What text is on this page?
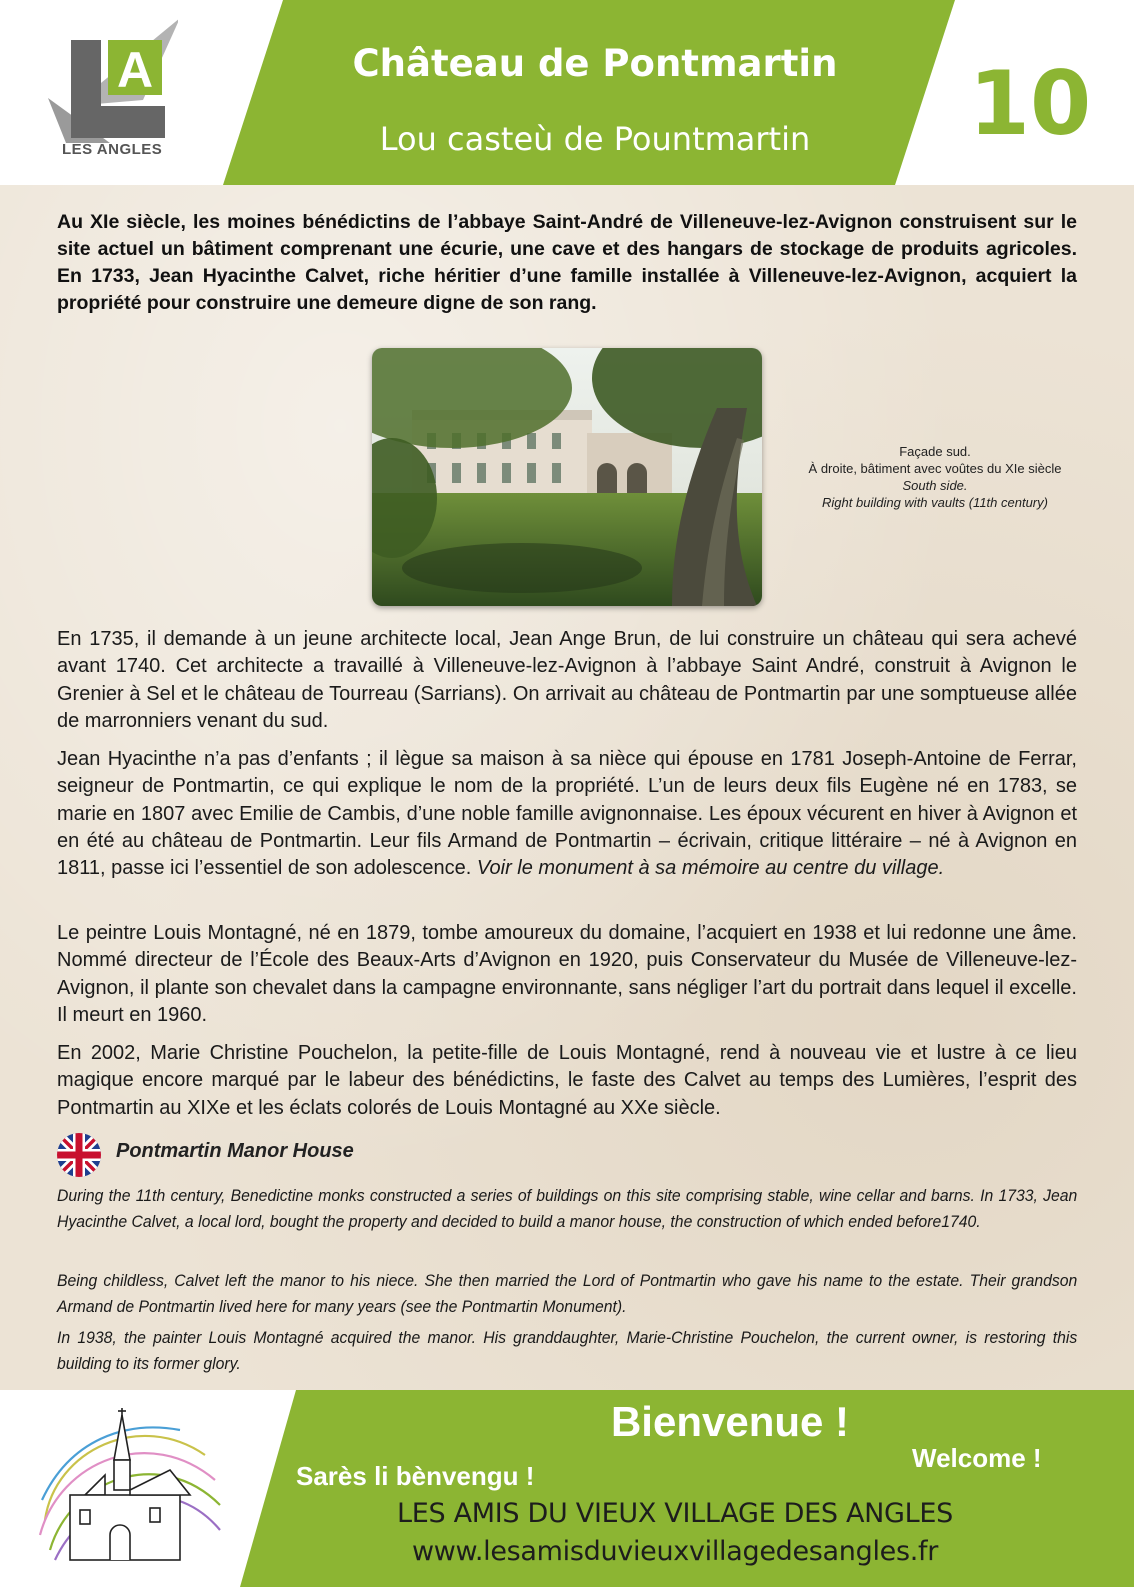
A
LES ANGLES
Château de Pontmartin
Lou casteù de Pountmartin	10

Au XIe siècle, les moines bénédictins de l’abbaye Saint-André de Villeneuve-lez-Avignon construisent sur le site actuel un bâtiment comprenant une écurie, une cave et des hangars de stockage de produits agricoles. En 1733, Jean Hyacinthe Calvet, riche héritier d’une famille installée à Villeneuve-lez-Avignon, acquiert la propriété pour construire une demeure digne de son rang.

Façade sud.
À droite, bâtiment avec voûtes du XIe siècle
South side.
Right building with vaults (11th century)

En 1735, il demande à un jeune architecte local, Jean Ange Brun, de lui construire un château qui sera achevé avant 1740. Cet architecte a travaillé à Villeneuve-lez-Avignon à l’abbaye Saint André, construit à Avignon le Grenier à Sel et le château de Tourreau (Sarrians). On arrivait au château de Pontmartin par une somptueuse allée de marronniers venant du sud.

Jean Hyacinthe n’a pas d’enfants ; il lègue sa maison à sa nièce qui épouse en 1781 Joseph-Antoine de Ferrar, seigneur de Pontmartin, ce qui explique le nom de la propriété. L’un de leurs deux fils Eugène né en 1783, se marie en 1807 avec Emilie de Cambis, d’une noble famille avignonnaise. Les époux vécurent en hiver à Avignon et en été au château de Pontmartin. Leur fils Armand de Pontmartin – écrivain, critique littéraire – né à Avignon en 1811, passe ici l’essentiel de son adolescence. Voir le monument à sa mémoire au centre du village.

Le peintre Louis Montagné, né en 1879, tombe amoureux du domaine, l’acquiert en 1938 et lui redonne une âme. Nommé directeur de l’École des Beaux-Arts d’Avignon en 1920, puis Conservateur du Musée de Villeneuve-lez-Avignon, il plante son chevalet dans la campagne environnante, sans négliger l’art du portrait dans lequel il excelle. Il meurt en 1960.

En 2002, Marie Christine Pouchelon, la petite-fille de Louis Montagné, rend à nouveau vie et lustre à ce lieu magique encore marqué par le labeur des bénédictins, le faste des Calvet au temps des Lumières, l’esprit des Pontmartin au XIXe et les éclats colorés de Louis Montagné au XXe siècle.

Pontmartin Manor House

During the 11th century, Benedictine monks constructed a series of buildings on this site comprising stable, wine cellar and barns. In 1733, Jean Hyacinthe Calvet, a local lord, bought the property and decided to build a manor house, the construction of which ended before1740.

Being childless, Calvet left the manor to his niece. She then married the Lord of Pontmartin who gave his name to the estate. Their grandson Armand de Pontmartin lived here for many years (see the Pontmartin Monument).

In 1938, the painter Louis Montagné acquired the manor. His granddaughter, Marie-Christine Pouchelon, the current owner, is restoring this building to its former glory.

Bienvenue !
Sarès li bènvengu !
Welcome !
LES AMIS DU VIEUX VILLAGE DES ANGLES
www.lesamisduvieuxvillagedesangles.fr
